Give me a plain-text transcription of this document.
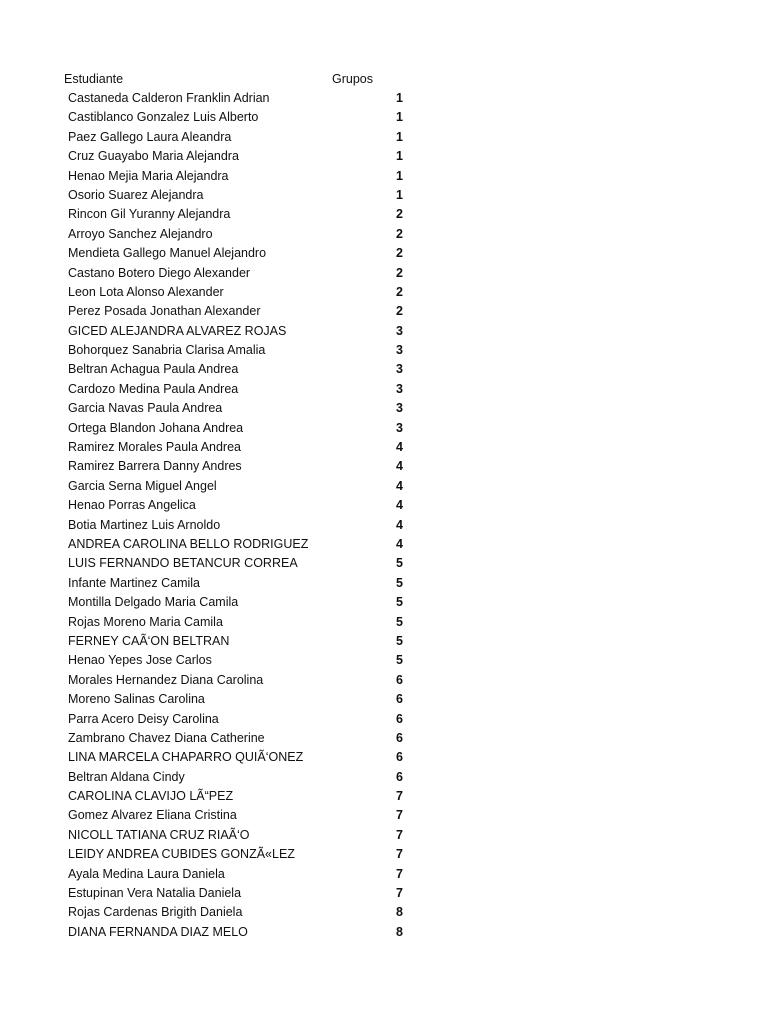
Estudiante	Grupos
Castaneda Calderon Franklin Adrian	1
Castiblanco Gonzalez Luis Alberto	1
Paez Gallego Laura Aleandra	1
Cruz Guayabo Maria Alejandra	1
Henao Mejia Maria Alejandra	1
Osorio Suarez Alejandra	1
Rincon Gil Yuranny Alejandra	2
Arroyo Sanchez Alejandro	2
Mendieta Gallego Manuel Alejandro	2
Castano Botero Diego Alexander	2
Leon Lota Alonso Alexander	2
Perez Posada Jonathan Alexander	2
GICED ALEJANDRA ALVAREZ ROJAS	3
Bohorquez Sanabria Clarisa Amalia	3
Beltran Achagua Paula Andrea	3
Cardozo Medina Paula Andrea	3
Garcia Navas Paula Andrea	3
Ortega Blandon Johana Andrea	3
Ramirez Morales Paula Andrea	4
Ramirez Barrera Danny Andres	4
Garcia Serna Miguel Angel	4
Henao Porras Angelica	4
Botia Martinez Luis Arnoldo	4
ANDREA CAROLINA BELLO RODRIGUEZ	4
LUIS FERNANDO BETANCUR CORREA	5
Infante Martinez Camila	5
Montilla Delgado Maria Camila	5
Rojas Moreno Maria Camila	5
FERNEY CAÃ‘ON BELTRAN	5
Henao Yepes Jose Carlos	5
Morales Hernandez Diana Carolina	6
Moreno Salinas Carolina	6
Parra Acero Deisy Carolina	6
Zambrano Chavez Diana Catherine	6
LINA MARCELA CHAPARRO QUIÃ‘ONEZ	6
Beltran Aldana Cindy	6
CAROLINA CLAVIJO LÃ“PEZ	7
Gomez Alvarez Eliana Cristina	7
NICOLL TATIANA CRUZ RIAÃ‘O	7
LEIDY ANDREA CUBIDES GONZÃ«LEZ	7
Ayala Medina Laura Daniela	7
Estupinan Vera Natalia Daniela	7
Rojas Cardenas Brigith Daniela	8
DIANA FERNANDA DIAZ MELO	8
